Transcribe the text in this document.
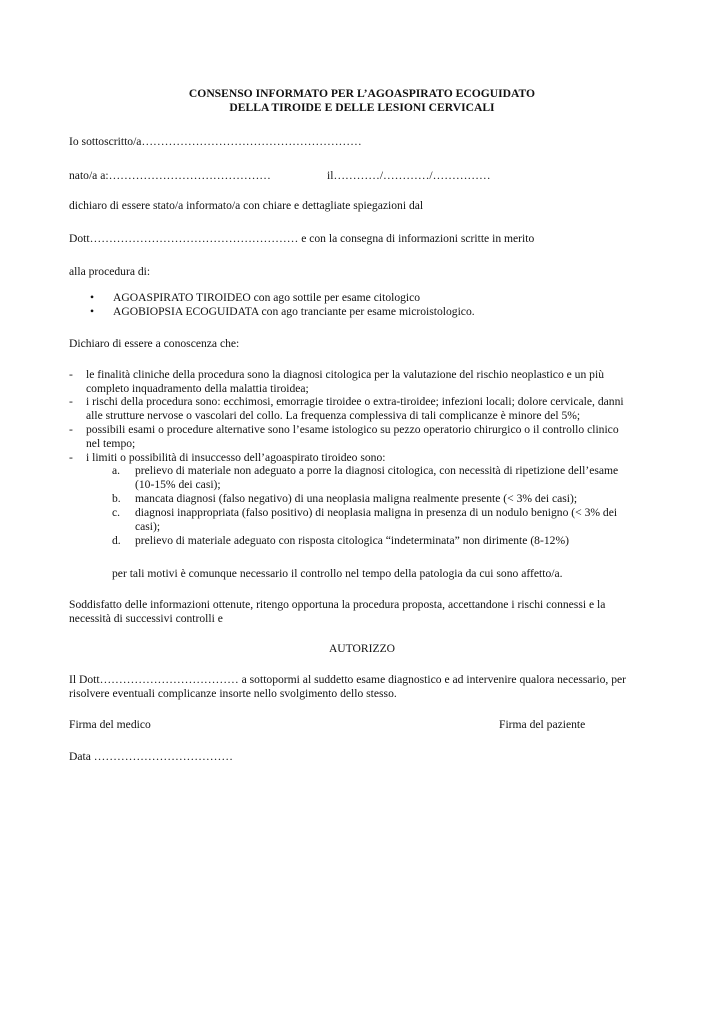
CONSENSO INFORMATO PER L’AGOASPIRATO ECOGUIDATO
DELLA TIROIDE E DELLE LESIONI CERVICALI
Io sottoscritto/a…………………………………………………
nato/a a:……………………………………	il…………/…………/……………
dichiaro di essere stato/a informato/a con chiare e dettagliate spiegazioni dal
Dott……………………………………………… e con la consegna di informazioni scritte in merito
alla procedura di:
• AGOASPIRATO TIROIDEO con ago sottile per esame citologico
• AGOBIOPSIA ECOGUIDATA con ago tranciante per esame microistologico.
Dichiaro di essere a conoscenza che:
- le finalità cliniche della procedura sono la diagnosi citologica per la valutazione del rischio neoplastico e un più
completo inquadramento della malattia tiroidea;
- i rischi della procedura sono: ecchimosi, emorragie tiroidee o extra-tiroidee; infezioni locali; dolore cervicale, danni
alle strutture nervose o vascolari del collo. La frequenza complessiva di tali complicanze è minore del 5%;
- possibili esami o procedure alternative sono l’esame istologico su pezzo operatorio chirurgico o il controllo clinico
nel tempo;
- i limiti o possibilità di insuccesso dell’agoaspirato tiroideo sono:
a. prelievo di materiale non adeguato a porre la diagnosi citologica, con necessità di ripetizione dell’esame
(10-15% dei casi);
b. mancata diagnosi (falso negativo) di una neoplasia maligna realmente presente (< 3% dei casi);
c. diagnosi inappropriata (falso positivo) di neoplasia maligna in presenza di un nodulo benigno (< 3% dei
casi);
d. prelievo di materiale adeguato con risposta citologica “indeterminata” non dirimente (8-12%)
per tali motivi è comunque necessario il controllo nel tempo della patologia da cui sono affetto/a.
Soddisfatto delle informazioni ottenute, ritengo opportuna la procedura proposta, accettandone i rischi connessi e la
necessità di successivi controlli e
AUTORIZZO
Il Dott……………………………… a sottopormi al suddetto esame diagnostico e ad intervenire qualora necessario, per
risolvere eventuali complicanze insorte nello svolgimento dello stesso.
Firma del medico	Firma del paziente
Data ………………………………
